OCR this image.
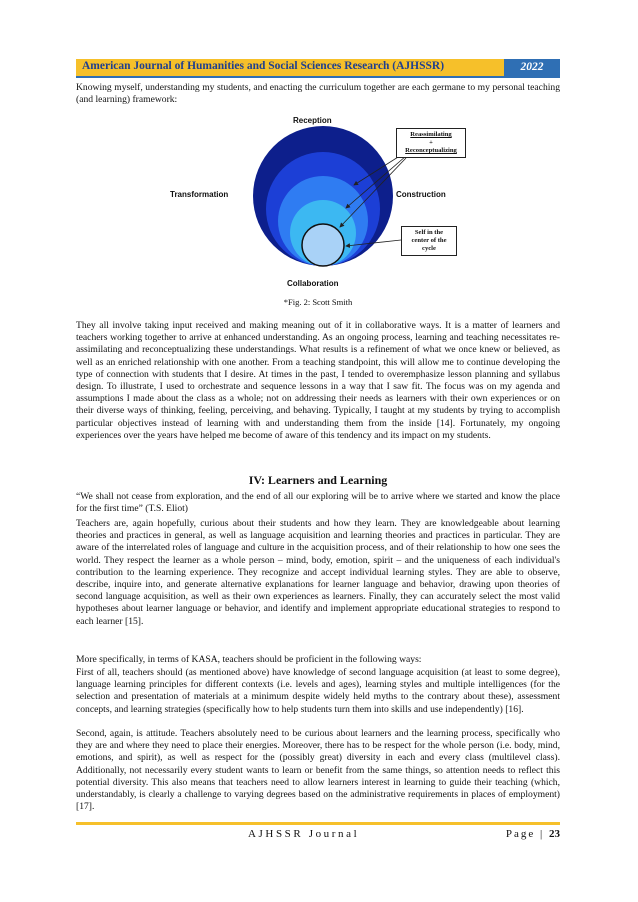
American Journal of Humanities and Social Sciences Research (AJHSSR)	2022

Knowing myself, understanding my students, and enacting the curriculum together are each germane to my personal teaching (and learning) framework:

Reception
Transformation	Construction
Collaboration
Reassimilating
+
Reconceptualizing
Self in the
center of the
cycle
*Fig. 2: Scott Smith

They all involve taking input received and making meaning out of it in collaborative ways. It is a matter of learners and teachers working together to arrive at enhanced understanding. As an ongoing process, learning and teaching necessitates re-assimilating and reconceptualizing these understandings. What results is a refinement of what we once knew or believed, as well as an enriched relationship with one another. From a teaching standpoint, this will allow me to continue developing the type of connection with students that I desire. At times in the past, I tended to overemphasize lesson planning and syllabus design. To illustrate, I used to orchestrate and sequence lessons in a way that I saw fit. The focus was on my agenda and assumptions I made about the class as a whole; not on addressing their needs as learners with their own experiences or on their diverse ways of thinking, feeling, perceiving, and behaving. Typically, I taught at my students by trying to accomplish particular objectives instead of learning with and understanding them from the inside [14]. Fortunately, my ongoing experiences over the years have helped me become of aware of this tendency and its impact on my students.

IV: Learners and Learning

“We shall not cease from exploration, and the end of all our exploring will be to arrive where we started and know the place for the first time” (T.S. Eliot)

Teachers are, again hopefully, curious about their students and how they learn. They are knowledgeable about learning theories and practices in general, as well as language acquisition and learning theories and practices in particular. They are aware of the interrelated roles of language and culture in the acquisition process, and of their relationship to how one sees the world. They respect the learner as a whole person – mind, body, emotion, spirit – and the uniqueness of each individual's contribution to the learning experience. They recognize and accept individual learning styles. They are able to observe, describe, inquire into, and generate alternative explanations for learner language and behavior, drawing upon theories of second language acquisition, as well as their own experiences as learners. Finally, they can accurately select the most valid hypotheses about learner language or behavior, and identify and implement appropriate educational strategies to respond to each learner [15].

More specifically, in terms of KASA, teachers should be proficient in the following ways:

First of all, teachers should (as mentioned above) have knowledge of second language acquisition (at least to some degree), language learning principles for different contexts (i.e. levels and ages), learning styles and multiple intelligences (for the selection and presentation of materials at a minimum despite widely held myths to the contrary about these), assessment concepts, and learning strategies (specifically how to help students turn them into skills and use independently) [16].

Second, again, is attitude. Teachers absolutely need to be curious about learners and the learning process, specifically who they are and where they need to place their energies. Moreover, there has to be respect for the whole person (i.e. body, mind, emotions, and spirit), as well as respect for the (possibly great) diversity in each and every class (multilevel class). Additionally, not necessarily every student wants to learn or benefit from the same things, so attention needs to reflect this potential diversity. This also means that teachers need to allow learners interest in learning to guide their teaching (which, understandably, is clearly a challenge to varying degrees based on the administrative requirements in places of employment) [17].

AJHSSR Journal	Page | 23
